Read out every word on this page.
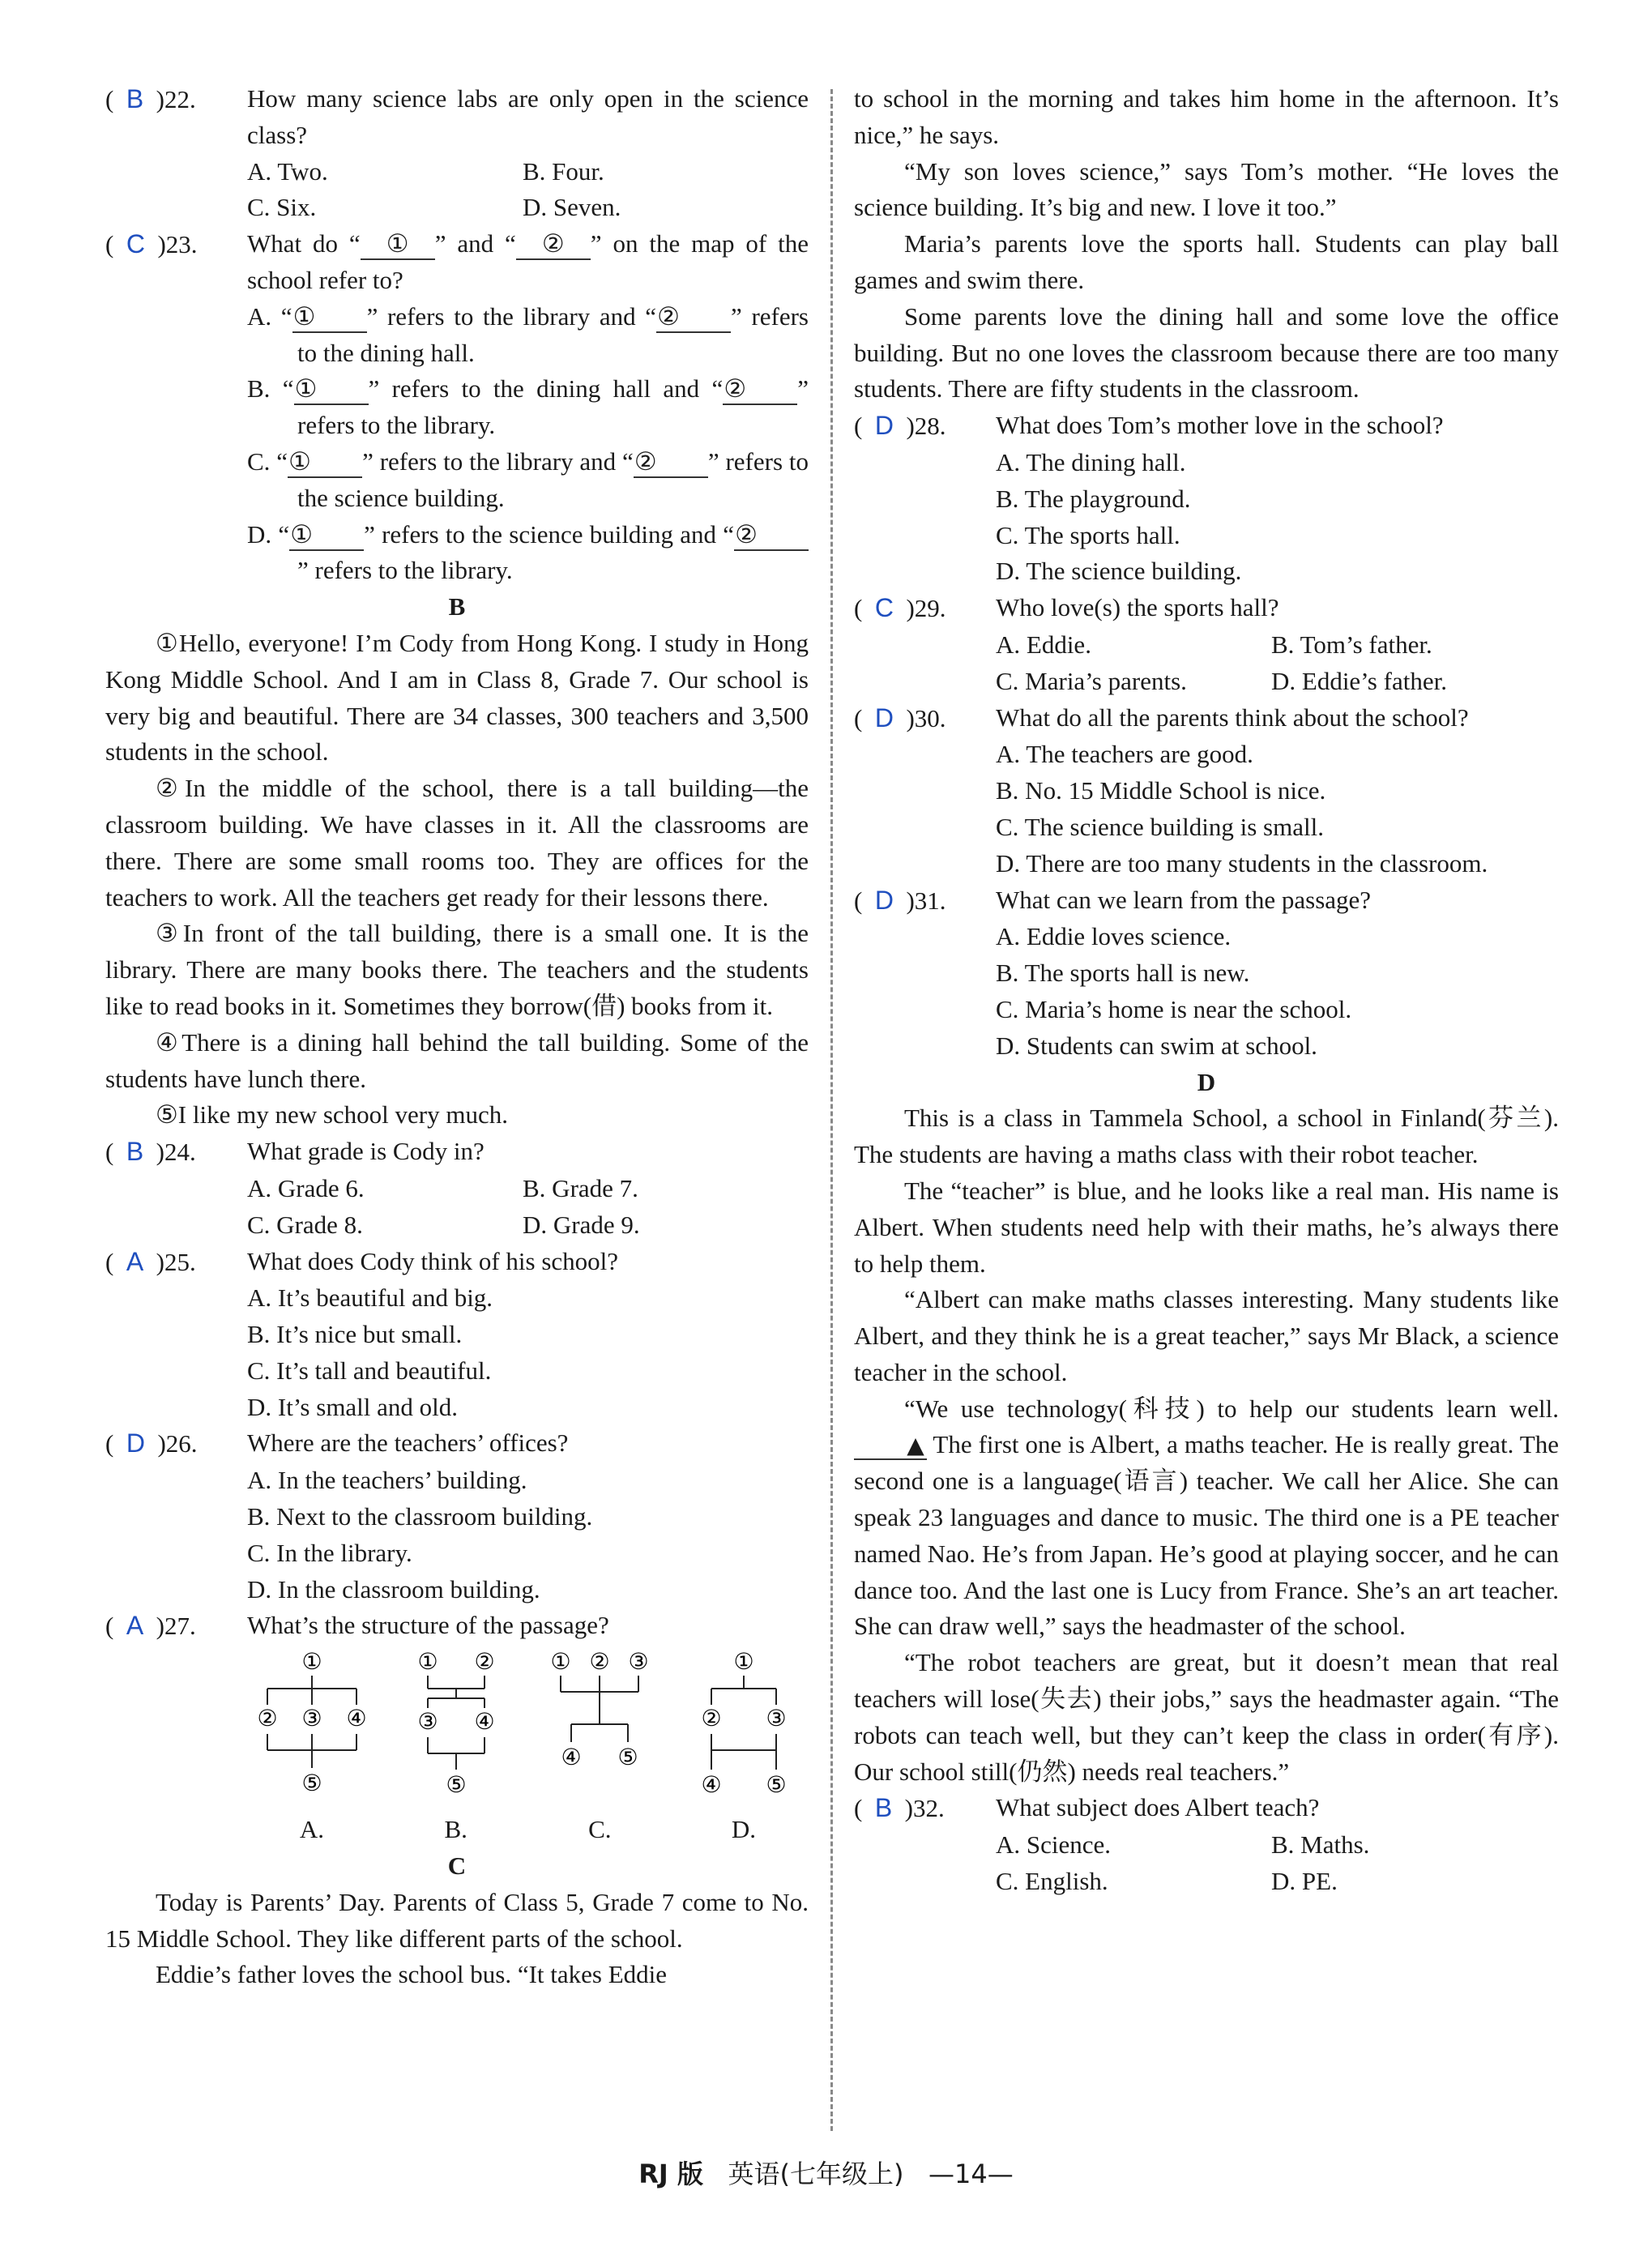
(  B )22.	How many science labs are only open in the science class?
A. Two.	B. Four.
C. Six.	D. Seven.
(  C )23.	What do “ ① ” and “ ② ” on the map of the school refer to?
A. “① ” refers to the library and “② ” refers to the dining hall.
B. “① ” refers to the dining hall and “② ” refers to the library.
C. “① ” refers to the library and “② ” refers to the science building.
D. “① ” refers to the science building and “②” refers to the library.
B
①Hello, everyone! I’m Cody from Hong Kong. I study in Hong Kong Middle School. And I am in Class 8, Grade 7. Our school is very big and beautiful. There are 34 classes, 300 teachers and 3,500 students in the school.
②In the middle of the school, there is a tall building—the classroom building. We have classes in it. All the classrooms are there. There are some small rooms too. They are offices for the teachers to work. All the teachers get ready for their lessons there.
③In front of the tall building, there is a small one. It is the library. There are many books there. The teachers and the students like to read books in it. Sometimes they borrow(借) books from it.
④There is a dining hall behind the tall building. Some of the students have lunch there.
⑤I like my new school very much.
(  B )24.	What grade is Cody in?
A. Grade 6.	B. Grade 7.
C. Grade 8.	D. Grade 9.
(  A )25.	What does Cody think of his school?
A. It’s beautiful and big.
B. It’s nice but small.
C. It’s tall and beautiful.
D. It’s small and old.
(  D )26.	Where are the teachers’ offices?
A. In the teachers’ building.
B. Next to the classroom building.
C. In the library.
D. In the classroom building.
(  A )27.	What’s the structure of the passage?
①
② ③ ④
⑤
A.
① ②
③ ④
⑤
B.
① ② ③
④ ⑤
C.
①
② ③
④ ⑤
D.
C
Today is Parents’ Day. Parents of Class 5, Grade 7 come to No. 15 Middle School. They like different parts of the school.
Eddie’s father loves the school bus. “It takes Eddie
to school in the morning and takes him home in the afternoon. It’s nice,” he says.
“My son loves science,” says Tom’s mother. “He loves the science building. It’s big and new. I love it too.”
Maria’s parents love the sports hall. Students can play ball games and swim there.
Some parents love the dining hall and some love the office building. But no one loves the classroom because there are too many students. There are fifty students in the classroom.
(  D )28.	What does Tom’s mother love in the school?
A. The dining hall.
B. The playground.
C. The sports hall.
D. The science building.
(  C )29.	Who love(s) the sports hall?
A. Eddie.	B. Tom’s father.
C. Maria’s parents.	D. Eddie’s father.
(  D )30.	What do all the parents think about the school?
A. The teachers are good.
B. No. 15 Middle School is nice.
C. The science building is small.
D. There are too many students in the classroom.
(  D )31.	What can we learn from the passage?
A. Eddie loves science.
B. The sports hall is new.
C. Maria’s home is near the school.
D. Students can swim at school.
D
This is a class in Tammela School, a school in Finland(芬兰). The students are having a maths class with their robot teacher.
The “teacher” is blue, and he looks like a real man. His name is Albert. When students need help with their maths, he’s always there to help them.
“Albert can make maths classes interesting. Many students like Albert, and they think he is a great teacher,” says Mr Black, a science teacher in the school.
“We use technology(科技) to help our students learn well. ▲ The first one is Albert, a maths teacher. He is really great. The second one is a language(语言) teacher. We call her Alice. She can speak 23 languages and dance to music. The third one is a PE teacher named Nao. He’s from Japan. He’s good at playing soccer, and he can dance too. And the last one is Lucy from France. She’s an art teacher. She can draw well,” says the headmaster of the school.
“The robot teachers are great, but it doesn’t mean that real teachers will lose(失去) their jobs,” says the headmaster again. “The robots can teach well, but they can’t keep the class in order(有序). Our school still(仍然) needs real teachers.”
(  B )32.	What subject does Albert teach?
A. Science.	B. Maths.
C. English.	D. PE.
RJ 版 英语(七年级上) —14—
